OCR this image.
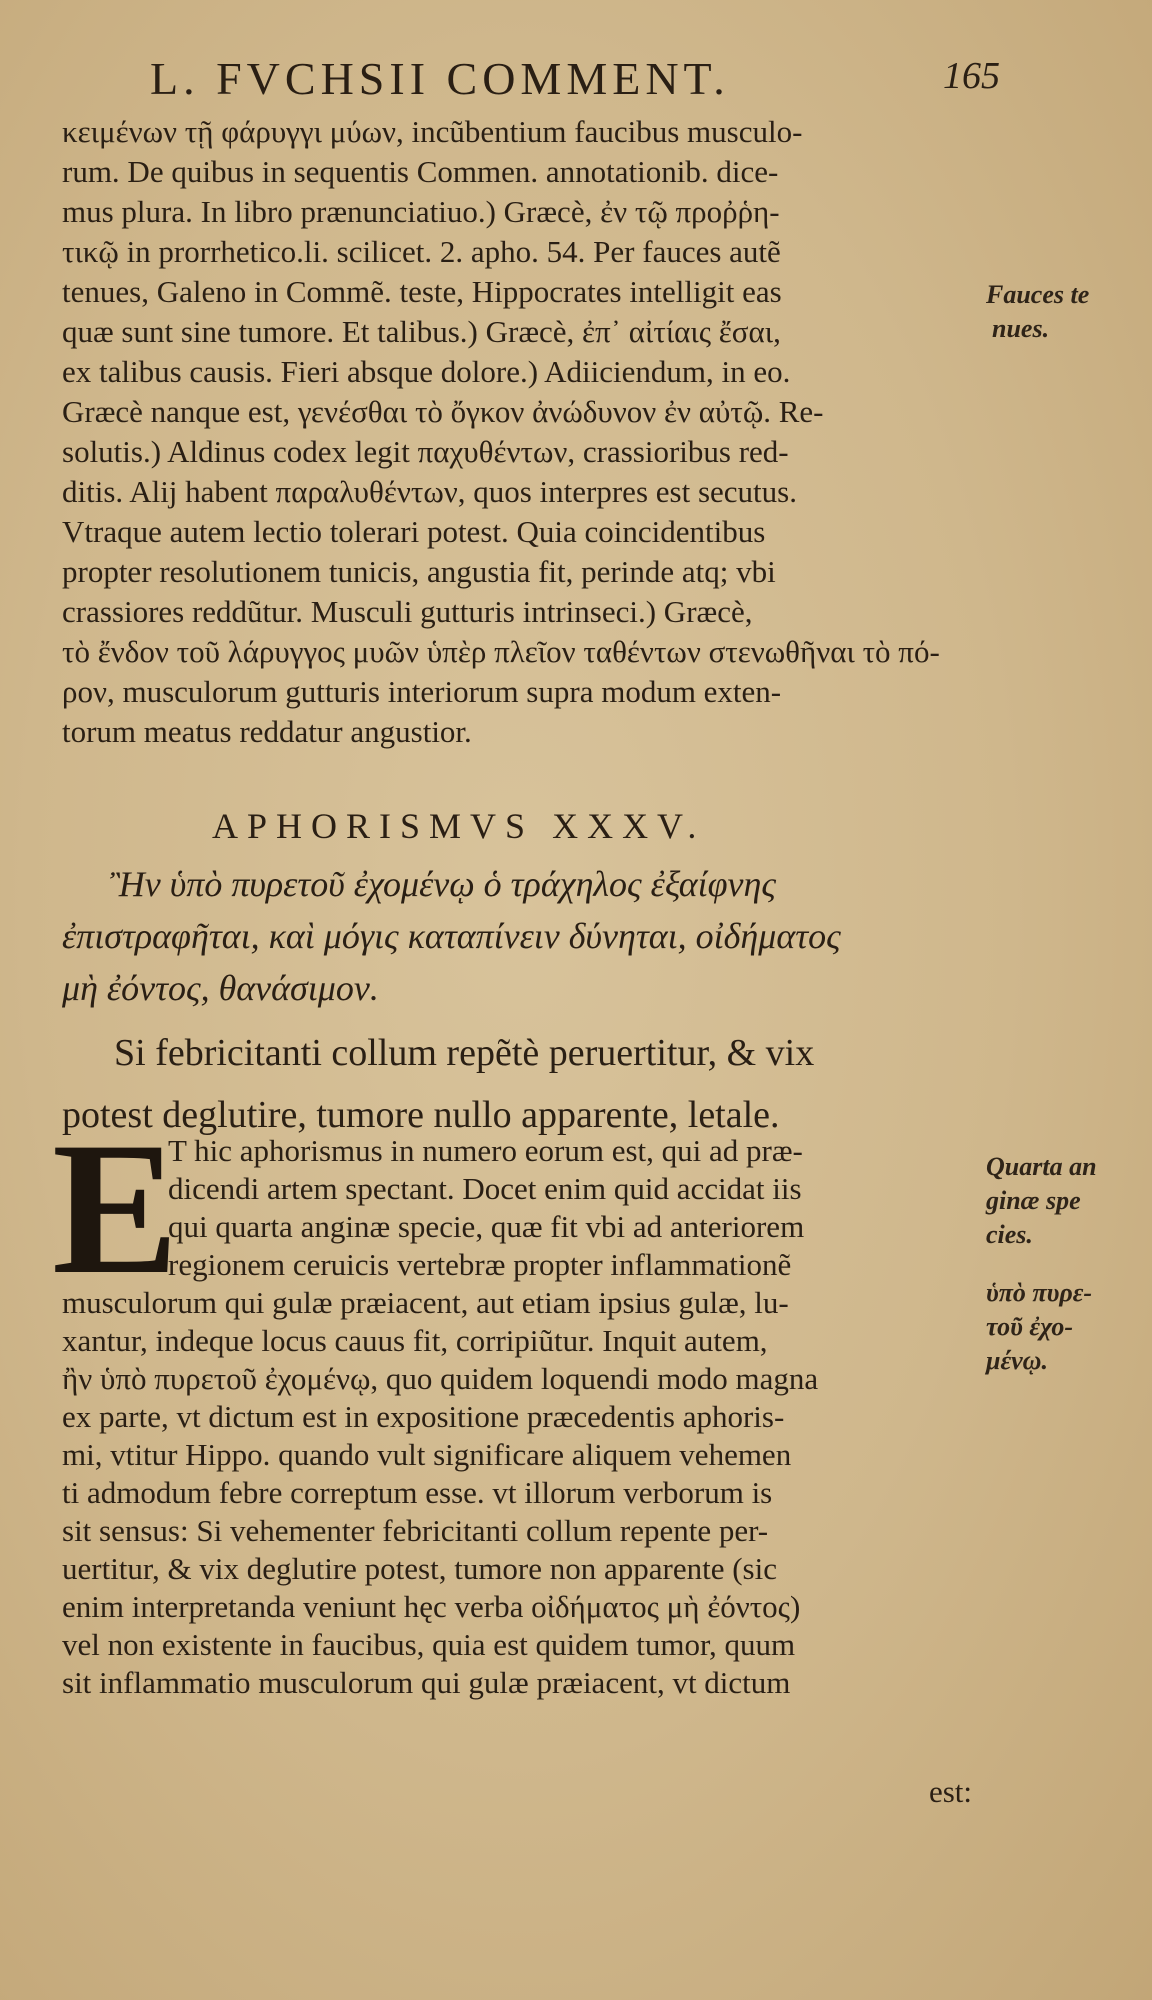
L. FVCHSII COMMENT.	165
κειμένων τῇ φάρυγγι μύων, incũbentium faucibus musculo-
rum. De quibus in sequentis Commen. annotationib. dice-
mus plura. In libro prænunciatiuo.) Græcè, ἐν τῷ προῤῥη-
τικῷ in prorrhetico.li. scilicet. 2. apho. 54. Per fauces autẽ
tenues, Galeno in Commẽ. teste, Hippocrates intelligit eas
quæ sunt sine tumore. Et talibus.) Græcè, ἐπ᾽ αἰτίαις ἔσαι,
ex talibus causis. Fieri absque dolore.) Adiiciendum, in eo.
Græcè nanque est, γενέσθαι τὸ ὄγκον ἀνώδυνον ἐν αὐτῷ. Re-
solutis.) Aldinus codex legit παχυθέντων, crassioribus red-
ditis. Alij habent παραλυθέντων, quos interpres est secutus.
Vtraque autem lectio tolerari potest. Quia coincidentibus
propter resolutionem tunicis, angustia fit, perinde atq; vbi
crassiores reddũtur. Musculi gutturis intrinseci.) Græcè,
τὸ ἔνδον τοῦ λάρυγγος μυῶν ὑπὲρ πλεῖον ταθέντων στενωθῆναι τὸ πό-
ρον, musculorum gutturis interiorum supra modum exten-
torum meatus reddatur angustior.
APHORISMVS XXXV.
Ἢν ὑπὸ πυρετοῦ ἐχομένῳ ὁ τράχηλος ἐξαίφνης
ἐπιστραφῆται, καὶ μόγις καταπίνειν δύνηται, οἰδήματος
μὴ ἐόντος, θανάσιμον.
Si febricitanti collum repẽtè peruertitur, & vix
potest deglutire, tumore nullo apparente, letale.
E
T hic aphorismus in numero eorum est, qui ad præ-
dicendi artem spectant. Docet enim quid accidat iis
qui quarta anginæ specie, quæ fit vbi ad anteriorem
regionem ceruicis vertebræ propter inflammationẽ
musculorum qui gulæ præiacent, aut etiam ipsius gulæ, lu-
xantur, indeque locus cauus fit, corripiũtur. Inquit autem,
ἢν ὑπὸ πυρετοῦ ἐχομένῳ, quo quidem loquendi modo magna
ex parte, vt dictum est in expositione præcedentis aphoris-
mi, vtitur Hippo. quando vult significare aliquem vehemen
ti admodum febre correptum esse. vt illorum verborum is
sit sensus: Si vehementer febricitanti collum repente per-
uertitur, & vix deglutire potest, tumore non apparente (sic
enim interpretanda veniunt hęc verba οἰδήματος μὴ ἐόντος)
vel non existente in faucibus, quia est quidem tumor, quum
sit inflammatio musculorum qui gulæ præiacent, vt dictum
est:
Fauces te
nues.
Quarta an
ginæ spe
cies.
ὑπὸ πυρε-
τοῦ ἐχο-
μένῳ.
